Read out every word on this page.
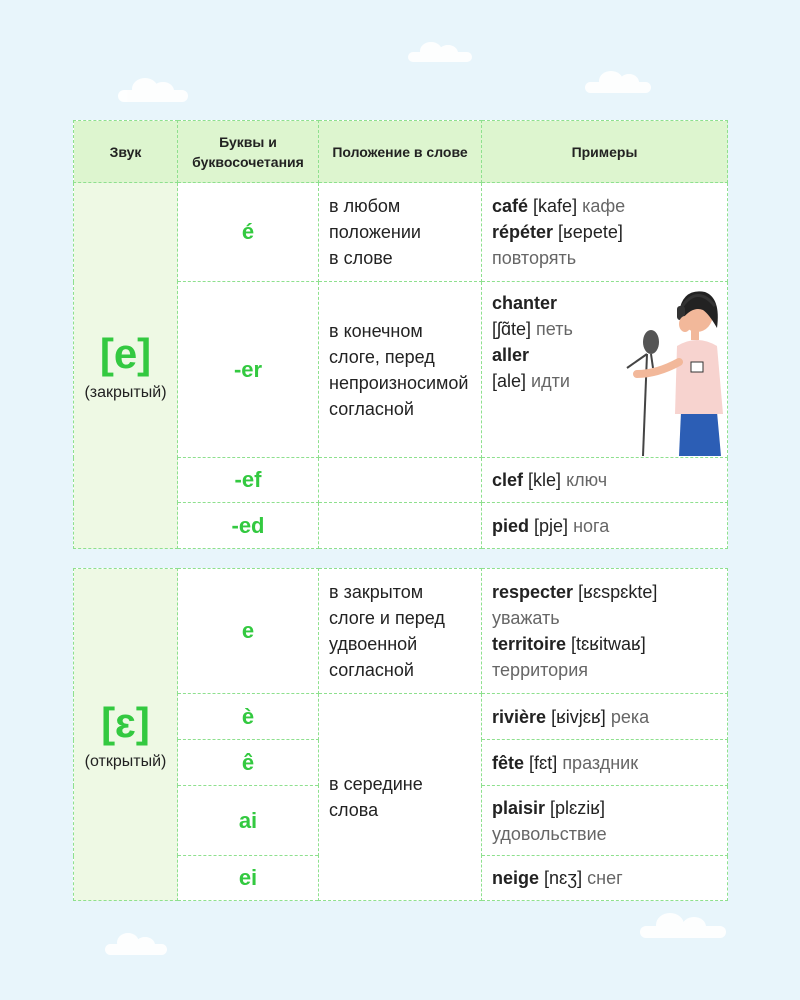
Звук	Буквы и буквосочетания	Положение в слове	Примеры

[e]
(закрытый)	é	в любом
положении
в слове	café [kafe] кафе
répéter [ʁepete]
повторять

	-er	в конечном
слоге, перед
непроизносимой
согласной	chanter
[ʃɑ̃te] петь
aller
[ale] идти

	-ef		clef [kle] ключ

	-ed		pied [pje] нога
[ɛ]
(открытый)	e	в закрытом
слоге и перед
удвоенной
согласной	respecter [ʁɛspɛkte]
уважать
territoire [tɛʁitwaʁ]
территория

	è	в середине
слова	rivière [ʁivjɛʁ] река

	ê		fête [fɛt] праздник

	ai		plaisir [plɛziʁ]
удовольствие

	ei		neige [nɛʒ] снег
